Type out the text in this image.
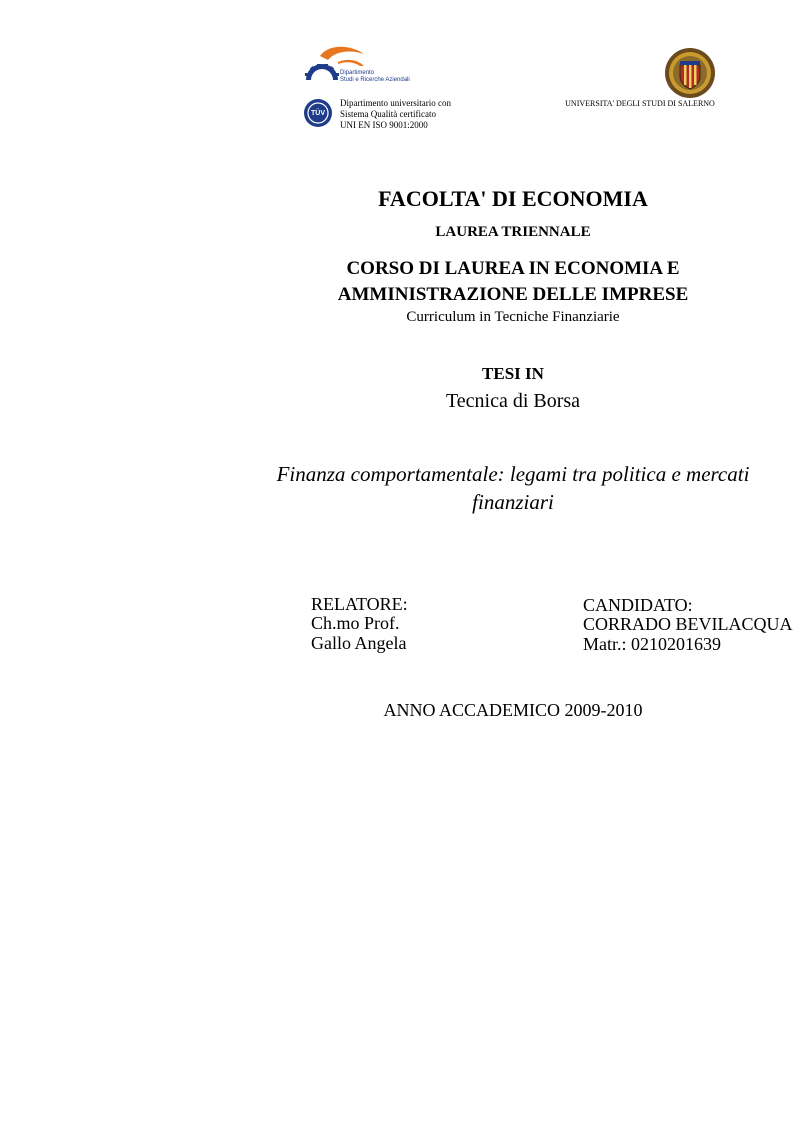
Dipartimento
Studi e Ricerche Aziendali
TÜV
Dipartimento universitario con
Sistema Qualità certificato
UNI EN ISO 9001:2000
UNIVERSITA' DEGLI STUDI DI SALERNO
FACOLTA' DI ECONOMIA
LAUREA TRIENNALE
CORSO DI LAUREA IN ECONOMIA E
AMMINISTRAZIONE DELLE IMPRESE
Curriculum in Tecniche Finanziarie
TESI IN
Tecnica di Borsa
Finanza comportamentale: legami tra politica e mercati
finanziari
RELATORE:
Ch.mo Prof.
Gallo Angela
CANDIDATO:
CORRADO BEVILACQUA
Matr.: 0210201639
ANNO ACCADEMICO 2009-2010
